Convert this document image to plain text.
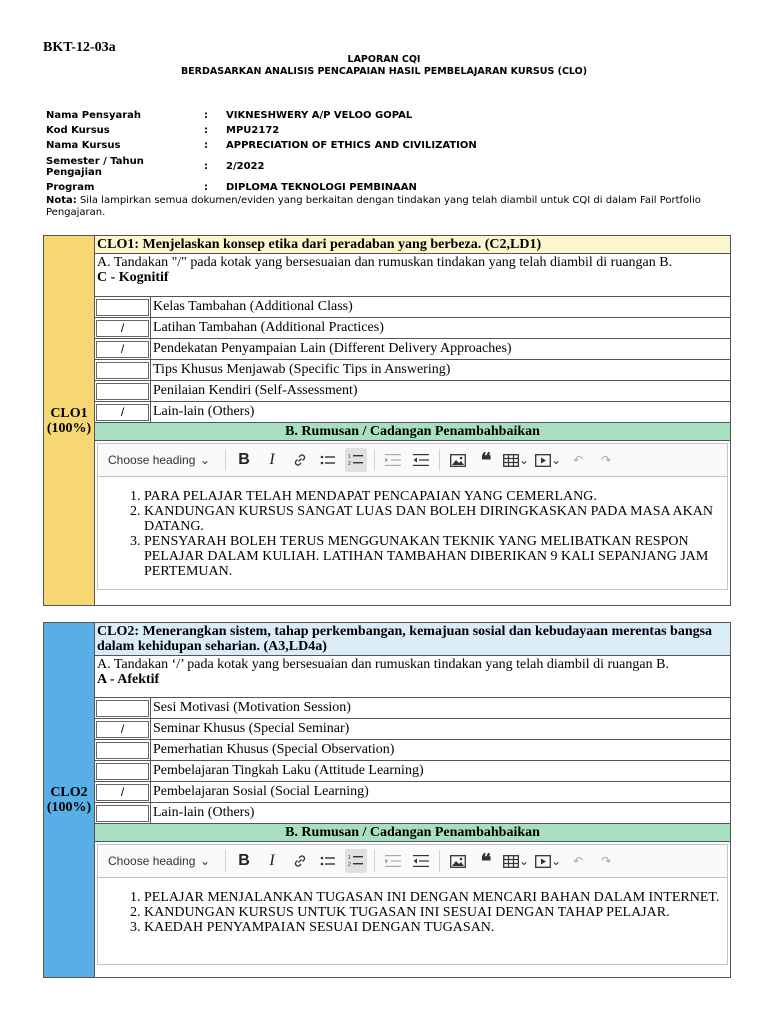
BKT-12-03a
LAPORAN CQI
BERDASARKAN ANALISIS PENCAPAIAN HASIL PEMBELAJARAN KURSUS (CLO)
Nama Pensyarah	:	VIKNESHWERY A/P VELOO GOPAL
Kod Kursus	:	MPU2172
Nama Kursus	:	APPRECIATION OF ETHICS AND CIVILIZATION
Semester / Tahun Pengajian	:	2/2022
Program	:	DIPLOMA TEKNOLOGI PEMBINAAN
Nota: Sila lampirkan semua dokumen/eviden yang berkaitan dengan tindakan yang telah diambil untuk CQI di dalam Fail Portfolio Pengajaran.
CLO1
(100%)
CLO1: Menjelaskan konsep etika dari peradaban yang berbeza. (C2,LD1)
A. Tandakan "/" pada kotak yang bersesuaian dan rumuskan tindakan yang telah diambil di ruangan B.
C - Kognitif
Kelas Tambahan (Additional Class)
/	Latihan Tambahan (Additional Practices)
/	Pendekatan Penyampaian Lain (Different Delivery Approaches)
Tips Khusus Menjawab (Specific Tips in Answering)
Penilaian Kendiri (Self-Assessment)
/	Lain-lain (Others)
B. Rumusan / Cadangan Penambahbaikan
Choose heading ⌄	B	I	1
2	❝	⌄ ⌄ ↶	↷
1. PARA PELAJAR TELAH MENDAPAT PENCAPAIAN YANG CEMERLANG.
2. KANDUNGAN KURSUS SANGAT LUAS DAN BOLEH DIRINGKASKAN PADA MASA AKAN DATANG.
3. PENSYARAH BOLEH TERUS MENGGUNAKAN TEKNIK YANG MELIBATKAN RESPON PELAJAR DALAM KULIAH. LATIHAN TAMBAHAN DIBERIKAN 9 KALI SEPANJANG JAM PERTEMUAN.
CLO2
(100%)
CLO2: Menerangkan sistem, tahap perkembangan, kemajuan sosial dan kebudayaan merentas bangsa dalam kehidupan seharian. (A3,LD4a)
A. Tandakan ‘/’ pada kotak yang bersesuaian dan rumuskan tindakan yang telah diambil di ruangan B.
A - Afektif
Sesi Motivasi (Motivation Session)
/	Seminar Khusus (Special Seminar)
Pemerhatian Khusus (Special Observation)
Pembelajaran Tingkah Laku (Attitude Learning)
/	Pembelajaran Sosial (Social Learning)
Lain-lain (Others)
B. Rumusan / Cadangan Penambahbaikan
Choose heading ⌄	B	I	1
2	❝	⌄ ⌄ ↶	↷
1. PELAJAR MENJALANKAN TUGASAN INI DENGAN MENCARI BAHAN DALAM INTERNET.
2. KANDUNGAN KURSUS UNTUK TUGASAN INI SESUAI DENGAN TAHAP PELAJAR.
3. KAEDAH PENYAMPAIAN SESUAI DENGAN TUGASAN.
